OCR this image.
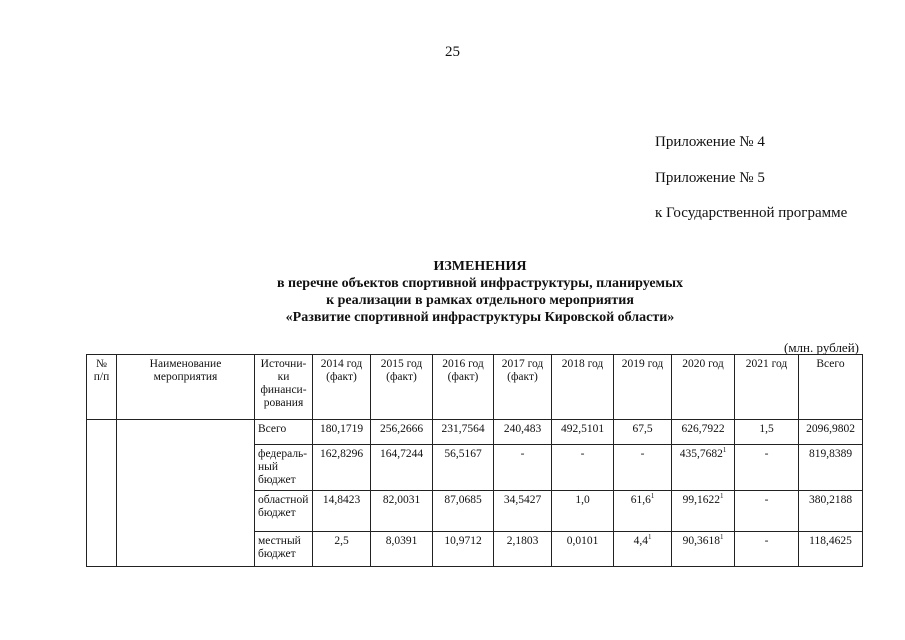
25
Приложение № 4
Приложение № 5
к Государственной программе
ИЗМЕНЕНИЯ
в перечне объектов спортивной инфраструктуры, планируемых
к реализации в рамках отдельного мероприятия
«Развитие спортивной инфраструктуры Кировской области»
(млн. рублей)
№ п/п	Наименование мероприятия	Источни-ки финанси-рования	2014 год (факт)	2015 год (факт)	2016 год (факт)	2017 год (факт)	2018 год	2019 год	2020 год	2021 год	Всего
		Всего	180,1719	256,2666	231,7564	240,483	492,5101	67,5	626,7922	1,5	2096,9802
		федераль-ный бюджет	162,8296	164,7244	56,5167	-	-	-	435,7682$^1$	-	819,8389
		областной бюджет	14,8423	82,0031	87,0685	34,5427	1,0	61,6$^1$	99,1622$^1$	-	380,2188
		местный бюджет	2,5	8,0391	10,9712	2,1803	0,0101	$4,4^1$	90,3618$^1$	-	118,4625
